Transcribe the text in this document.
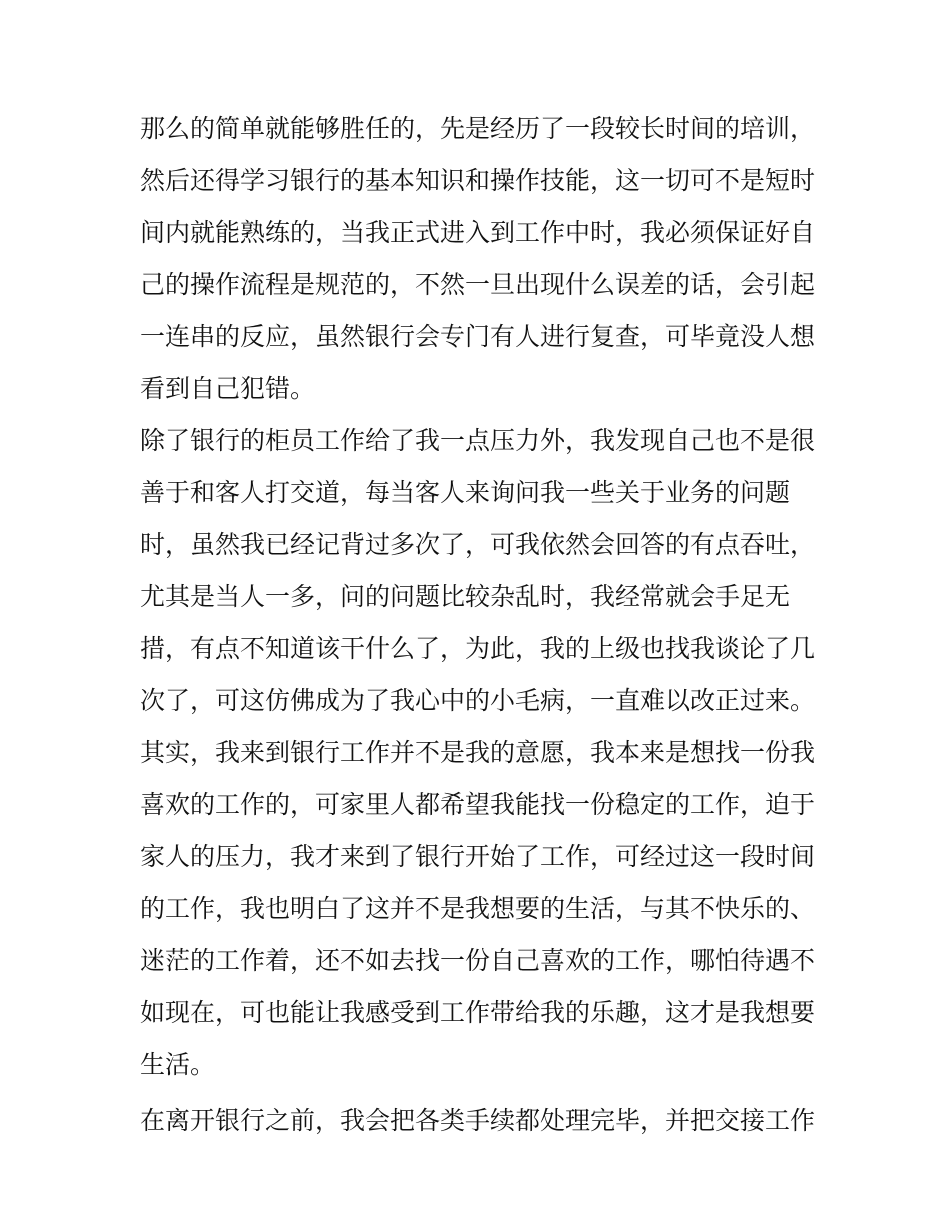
那么的简单就能够胜任的，先是经历了一段较长时间的培训，
然后还得学习银行的基本知识和操作技能，这一切可不是短时
间内就能熟练的，当我正式进入到工作中时，我必须保证好自
己的操作流程是规范的，不然一旦出现什么误差的话，会引起
一连串的反应，虽然银行会专门有人进行复查，可毕竟没人想
看到自己犯错。
除了银行的柜员工作给了我一点压力外，我发现自己也不是很
善于和客人打交道，每当客人来询问我一些关于业务的问题
时，虽然我已经记背过多次了，可我依然会回答的有点吞吐，
尤其是当人一多，问的问题比较杂乱时，我经常就会手足无
措，有点不知道该干什么了，为此，我的上级也找我谈论了几
次了，可这仿佛成为了我心中的小毛病，一直难以改正过来。
其实，我来到银行工作并不是我的意愿，我本来是想找一份我
喜欢的工作的，可家里人都希望我能找一份稳定的工作，迫于
家人的压力，我才来到了银行开始了工作，可经过这一段时间
的工作，我也明白了这并不是我想要的生活，与其不快乐的、
迷茫的工作着，还不如去找一份自己喜欢的工作，哪怕待遇不
如现在，可也能让我感受到工作带给我的乐趣，这才是我想要
生活。
在离开银行之前，我会把各类手续都处理完毕，并把交接工作
